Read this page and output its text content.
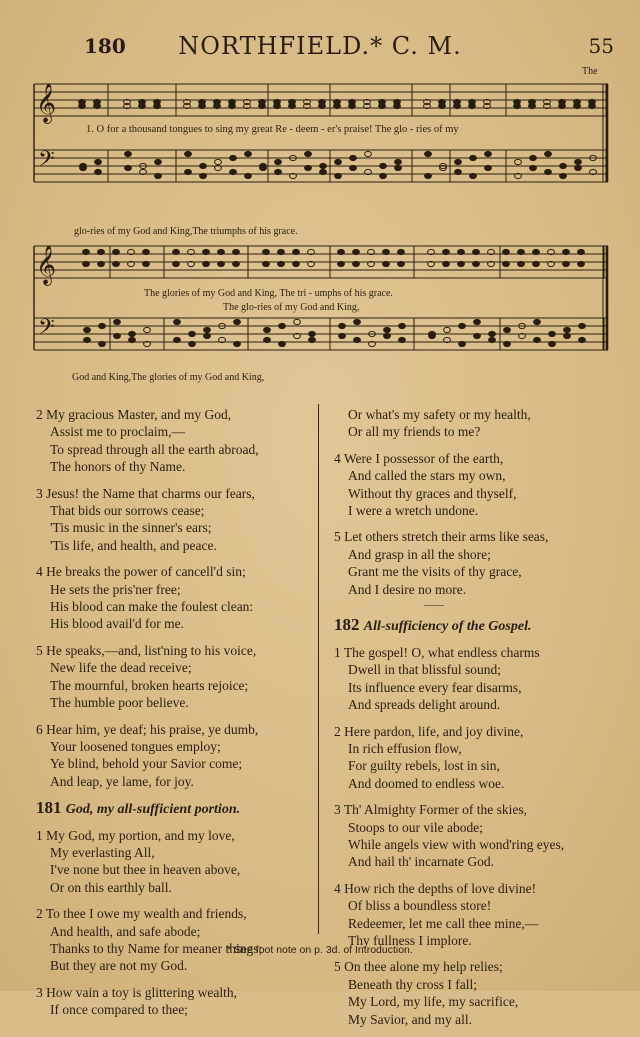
180	NORTHFIELD.* C. M.	55
𝄞
𝄢
𝄞
𝄢
The
1. O for a thousand tongues to sing my great Re - deem - er's praise! The glo - ries of my
glo-ries of my God and King,The triumphs of his grace.
The glories of my God and King, The tri - umphs of his grace.
The glo-ries of my God and King,
God and King,The glories of my God and King,
2 My gracious Master, and my God,
Assist me to proclaim,—
To spread through all the earth abroad,
The honors of thy Name.
3 Jesus! the Name that charms our fears,
That bids our sorrows cease;
'Tis music in the sinner's ears;
'Tis life, and health, and peace.
4 He breaks the power of cancell'd sin;
He sets the pris'ner free;
His blood can make the foulest clean:
His blood avail'd for me.
5 He speaks,—and, list'ning to his voice,
New life the dead receive;
The mournful, broken hearts rejoice;
The humble poor believe.
6 Hear him, ye deaf; his praise, ye dumb,
Your loosened tongues employ;
Ye blind, behold your Savior come;
And leap, ye lame, for joy.
181 God, my all-sufficient portion.
1 My God, my portion, and my love,
My everlasting All,
I've none but thee in heaven above,
Or on this earthly ball.
2 To thee I owe my wealth and friends,
And health, and safe abode;
Thanks to thy Name for meaner things;
But they are not my God.
3 How vain a toy is glittering wealth,
If once compared to thee;
Or what's my safety or my health,
Or all my friends to me?
4 Were I possessor of the earth,
And called the stars my own,
Without thy graces and thyself,
I were a wretch undone.
5 Let others stretch their arms like seas,
And grasp in all the shore;
Grant me the visits of thy grace,
And I desire no more.
——
182 All-sufficiency of the Gospel.
1 The gospel! O, what endless charms
Dwell in that blissful sound;
Its influence every fear disarms,
And spreads delight around.
2 Here pardon, life, and joy divine,
In rich effusion flow,
For guilty rebels, lost in sin,
And doomed to endless woe.
3 Th' Almighty Former of the skies,
Stoops to our vile abode;
While angels view with wond'ring eyes,
And hail th' incarnate God.
4 How rich the depths of love divine!
Of bliss a boundless store!
Redeemer, let me call thee mine,—
Thy fullness I implore.
5 On thee alone my help relies;
Beneath thy cross I fall;
My Lord, my life, my sacrifice,
My Savior, and my all.
* See foot note on p. 3d. of Introduction.
